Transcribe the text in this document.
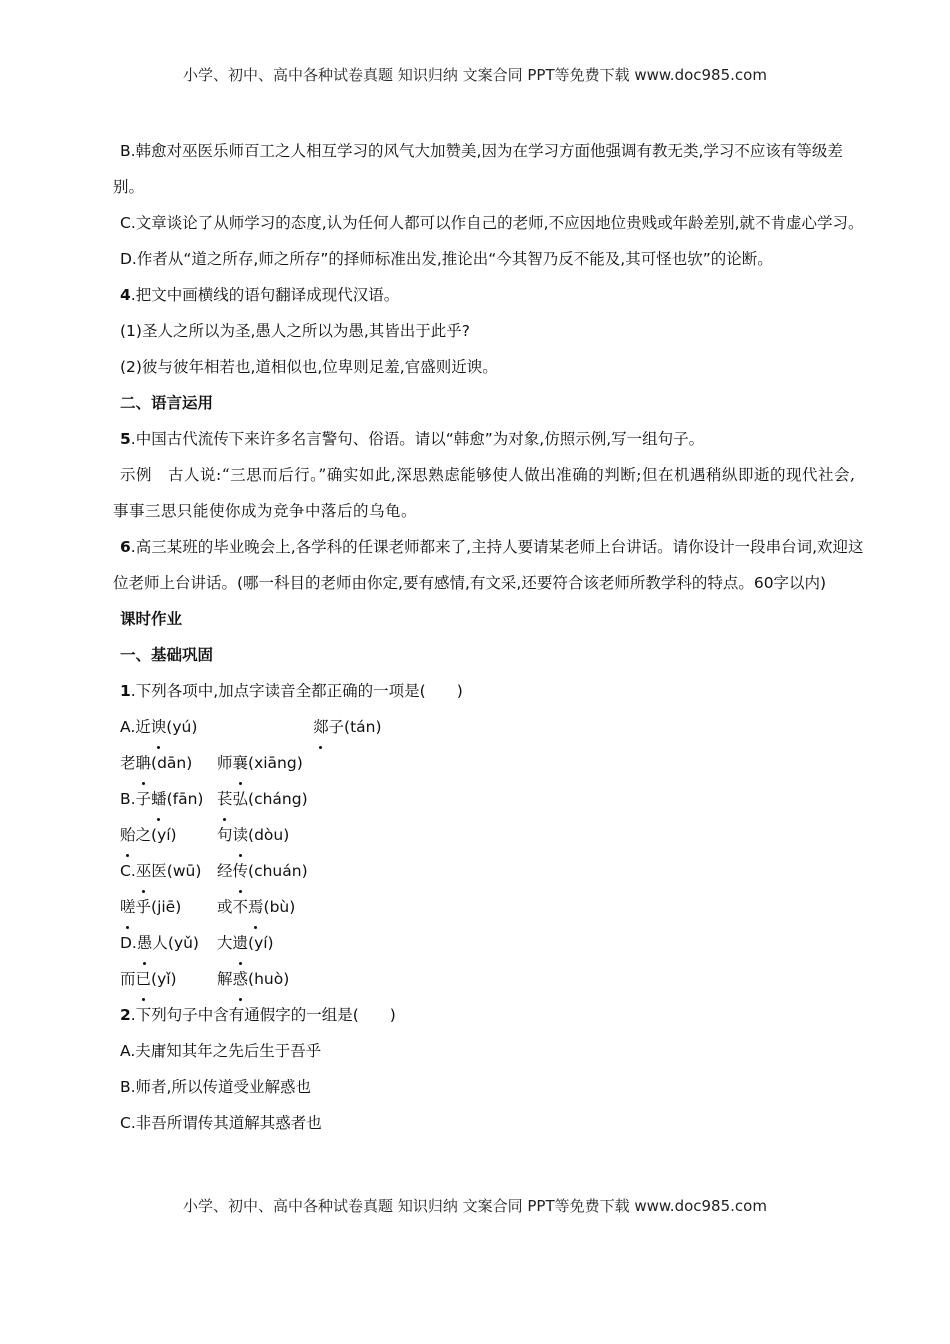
小学、初中、高中各种试卷真题 知识归纳 文案合同 PPT等免费下载 www.doc985.com
B.韩愈对巫医乐师百工之人相互学习的风气大加赞美,因为在学习方面他强调有教无类,学习不应该有等级差别。
C.文章谈论了从师学习的态度,认为任何人都可以作自己的老师,不应因地位贵贱或年龄差别,就不肯虚心学习。
D.作者从“道之所存,师之所存”的择师标准出发,推论出“今其智乃反不能及,其可怪也欤”的论断。
4.把文中画横线的语句翻译成现代汉语。
(1)圣人之所以为圣,愚人之所以为愚,其皆出于此乎?
(2)彼与彼年相若也,道相似也,位卑则足羞,官盛则近谀。
二、语言运用
5.中国古代流传下来许多名言警句、俗语。请以“韩愈”为对象,仿照示例,写一组句子。
示例　古人说:“三思而后行。”确实如此,深思熟虑能够使人做出准确的判断;但在机遇稍纵即逝的现代社会,事事三思只能使你成为竞争中落后的乌龟。
6.高三某班的毕业晚会上,各学科的任课老师都来了,主持人要请某老师上台讲话。请你设计一段串台词,欢迎这位老师上台讲话。(哪一科目的老师由你定,要有感情,有文采,还要符合该老师所教学科的特点。60字以内)
课时作业
一、基础巩固
1.下列各项中,加点字读音全都正确的一项是(　　)
A.近谀(yú)	郯子(tán)
老聃(dān) 师襄(xiāng)
B.子蟠(fān) 苌弘(cháng)
贻之(yí)	句读(dòu)
C.巫医(wū) 经传(chuán)
嗟乎(jiē) 或不焉(bù)
D.愚人(yǔ) 大遗(yí)
而已(yǐ)	解惑(huò)
2.下列句子中含有通假字的一组是(　　)
A.夫庸知其年之先后生于吾乎
B.师者,所以传道受业解惑也
C.非吾所谓传其道解其惑者也
小学、初中、高中各种试卷真题 知识归纳 文案合同 PPT等免费下载 www.doc985.com
